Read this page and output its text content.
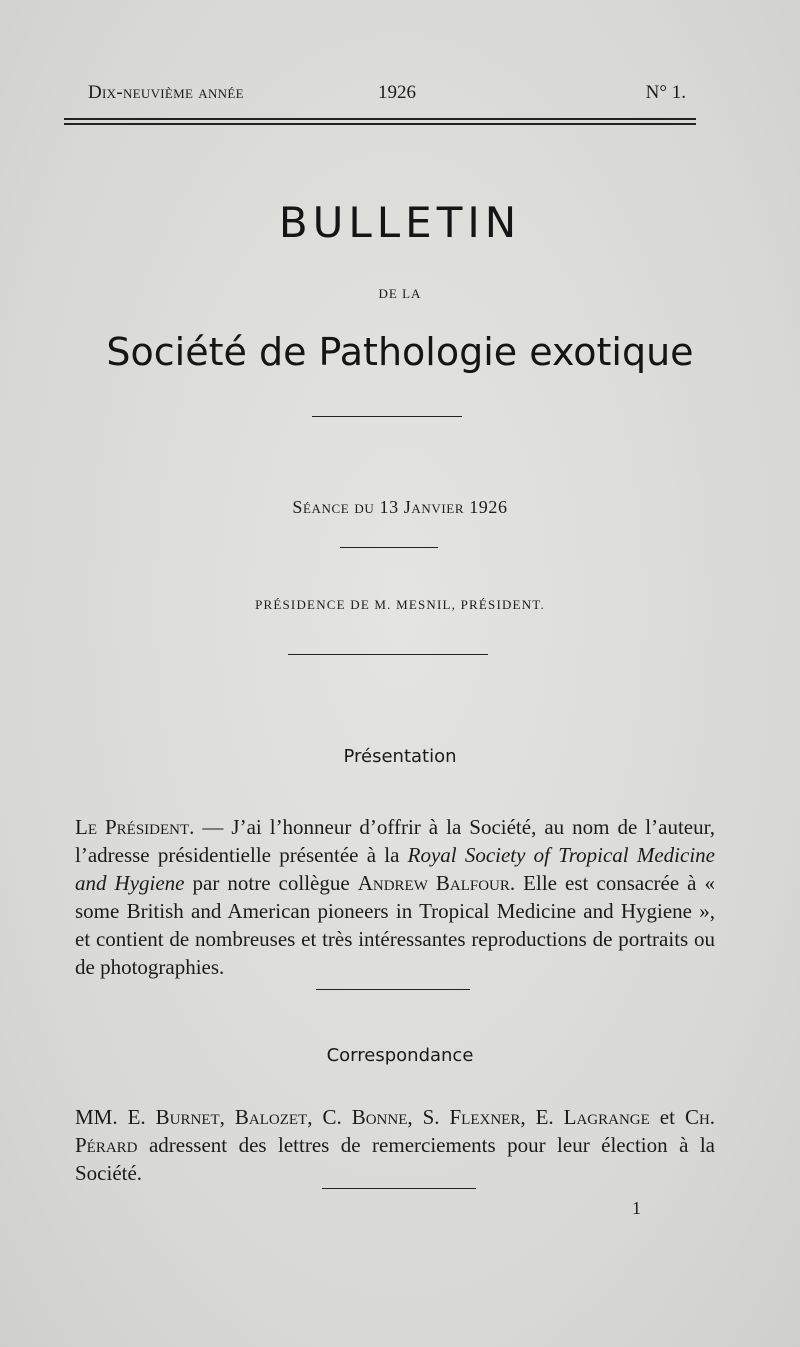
Dix-neuvième année	1926	N° 1.
BULLETIN
DE LA
Société de Pathologie exotique
Séance du 13 Janvier 1926
PRÉSIDENCE DE M. MESNIL, PRÉSIDENT.
Présentation
Le Président. — J’ai l’honneur d’offrir à la Société, au nom de l’auteur, l’adresse présidentielle présentée à la Royal Society of Tropical Medicine and Hygiene par notre collègue Andrew Balfour. Elle est consacrée à « some British and American pioneers in Tropical Medicine and Hygiene », et contient de nombreuses et très intéressantes reproductions de portraits ou de photographies.
Correspondance
MM. E. Burnet, Balozet, C. Bonne, S. Flexner, E. Lagrange et Ch. Pérard adressent des lettres de remerciements pour leur élection à la Société.
1
